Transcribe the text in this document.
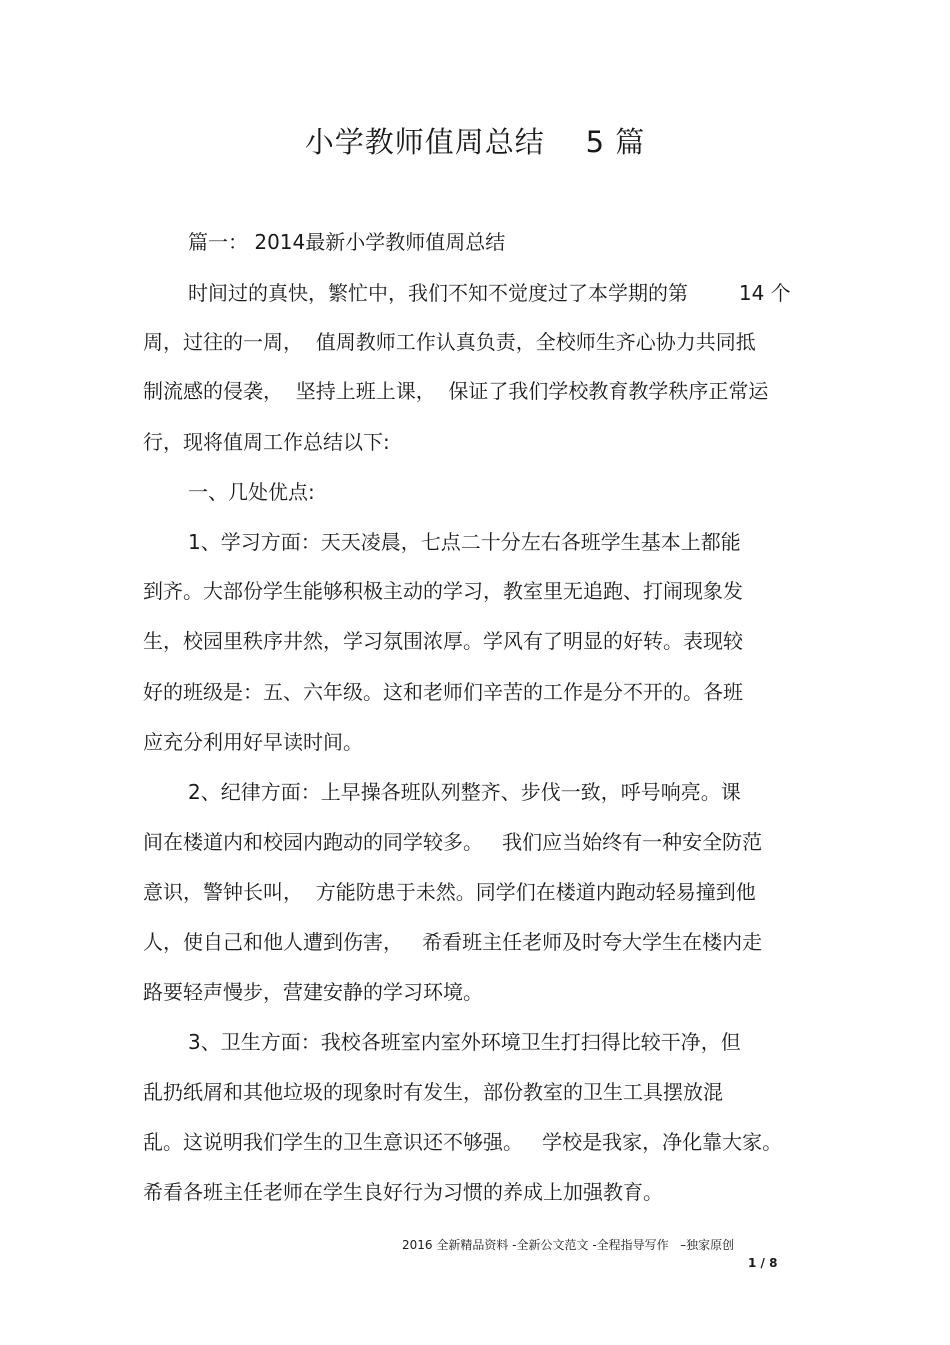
小学教师值周总结    5 篇
篇一： 2014最新小学教师值周总结
时间过的真快，繁忙中，我们不知不觉度过了本学期的第        14 个
周，过往的一周，  值周教师工作认真负责，全校师生齐心协力共同抵
制流感的侵袭，  坚持上班上课，  保证了我们学校教育教学秩序正常运
行，现将值周工作总结以下:
一、几处优点:
1、学习方面：天天凌晨，七点二十分左右各班学生基本上都能
到齐。大部份学生能够积极主动的学习，教室里无追跑、打闹现象发
生，校园里秩序井然，学习氛围浓厚。学风有了明显的好转。表现较
好的班级是：五、六年级。这和老师们辛苦的工作是分不开的。各班
应充分利用好早读时间。
2、纪律方面：上早操各班队列整齐、步伐一致，呼号响亮。课
间在楼道内和校园内跑动的同学较多。   我们应当始终有一种安全防范
意识，警钟长叫，  方能防患于未然。同学们在楼道内跑动轻易撞到他
人，使自己和他人遭到伤害，   希看班主任老师及时夸大学生在楼内走
路要轻声慢步，营建安静的学习环境。
3、卫生方面：我校各班室内室外环境卫生打扫得比较干净，但
乱扔纸屑和其他垃圾的现象时有发生，部份教室的卫生工具摆放混
乱。这说明我们学生的卫生意识还不够强。   学校是我家，净化靠大家。
希看各班主任老师在学生良好行为习惯的养成上加强教育。
2016 全新精品资料 -全新公文范文 -全程指导写作   –独家原创
1 / 8
